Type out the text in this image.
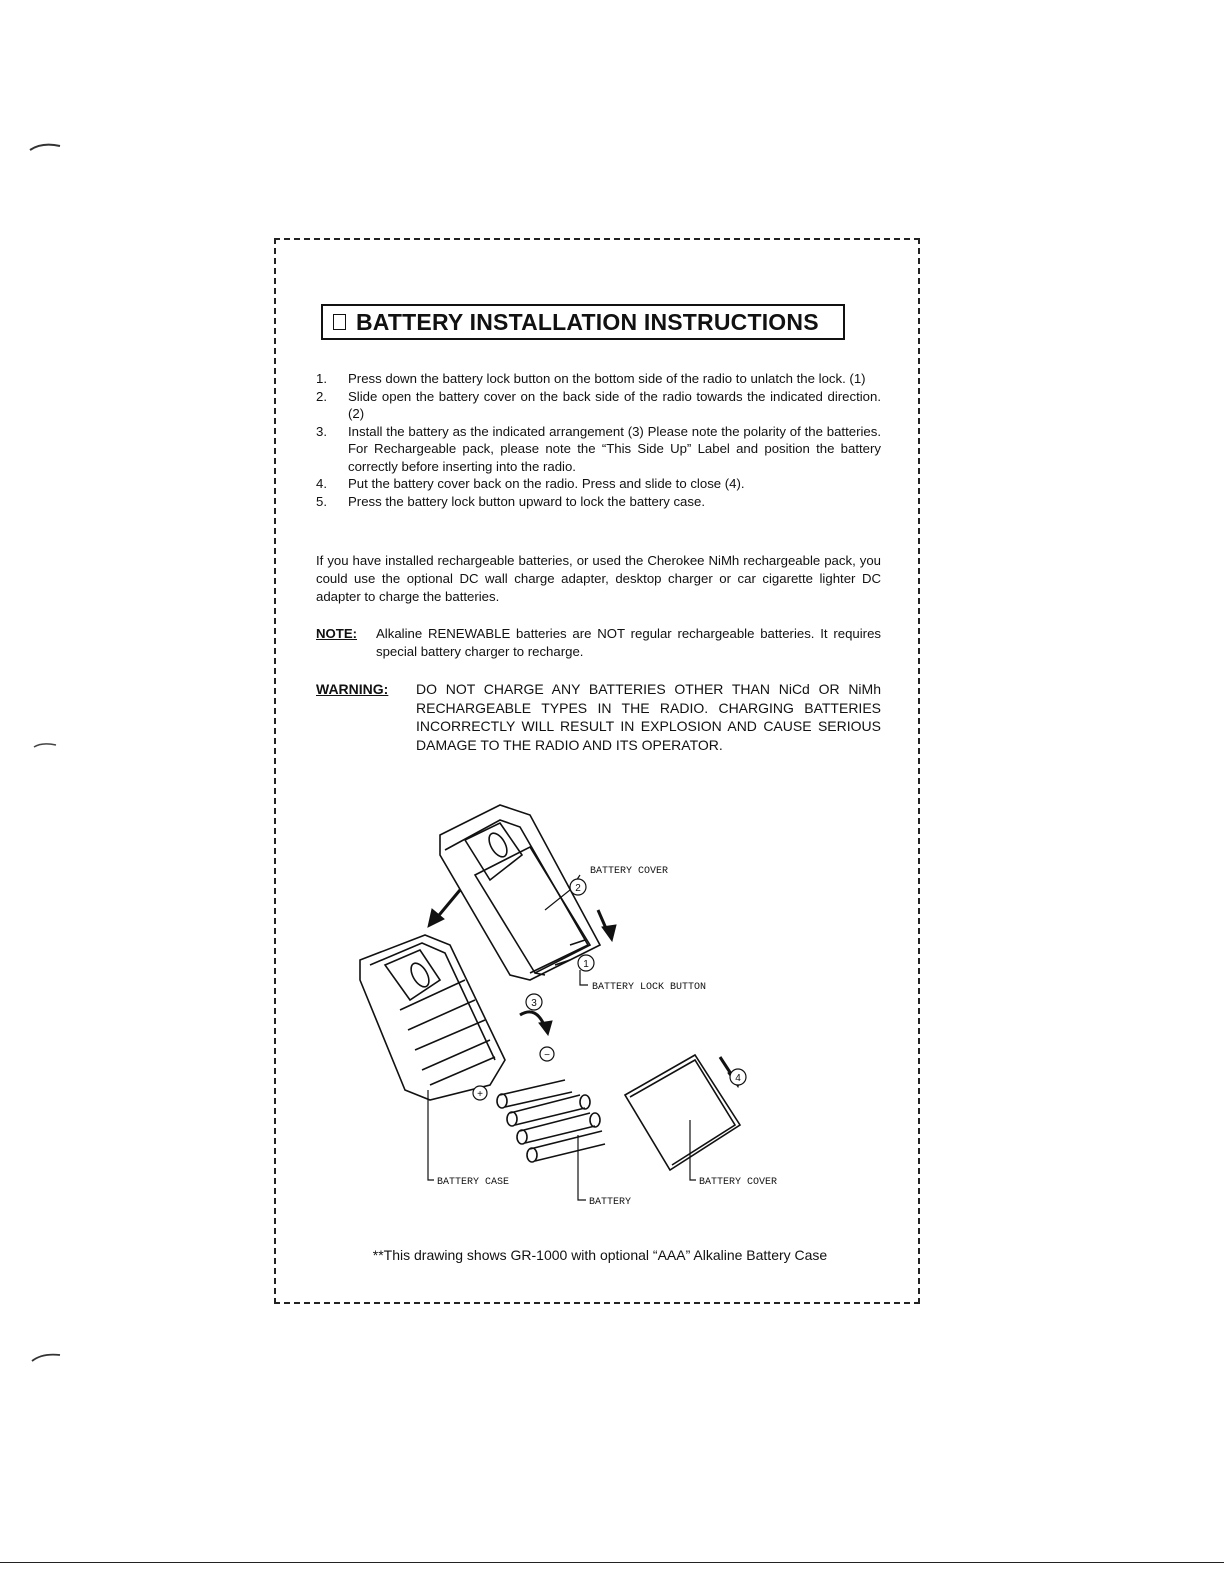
BATTERY INSTALLATION INSTRUCTIONS
1.	Press down the battery lock button on the bottom side of the radio to unlatch the lock. (1)
2.	Slide open the battery cover on the back side of the radio towards the indicated direction.(2)
3.	Install the battery as the indicated arrangement (3) Please note the polarity of the batteries. For Rechargeable pack, please note the “This Side Up” Label and position the battery correctly before inserting into the radio.
4.	Put the battery cover back on the radio. Press and slide to close (4).
5.	Press the battery lock button upward to lock the battery case.

If you have installed rechargeable batteries, or used the Cherokee NiMh rechargeable pack, you could use the optional DC wall charge adapter, desktop charger or car cigarette lighter DC adapter to charge the batteries.

NOTE:	Alkaline RENEWABLE batteries are NOT regular rechargeable batteries. It requires special battery charger to recharge.
WARNING:	DO NOT CHARGE ANY BATTERIES OTHER THAN NiCd OR NiMh RECHARGEABLE TYPES IN THE RADIO. CHARGING BATTERIES INCORRECTLY WILL RESULT IN EXPLOSION AND CAUSE SERIOUS DAMAGE TO THE RADIO AND ITS OPERATOR.
2
1
3
4
−
+
BATTERY COVER
BATTERY LOCK BUTTON
BATTERY CASE
BATTERY
BATTERY COVER
**This drawing shows GR-1000 with optional “AAA” Alkaline Battery Case
